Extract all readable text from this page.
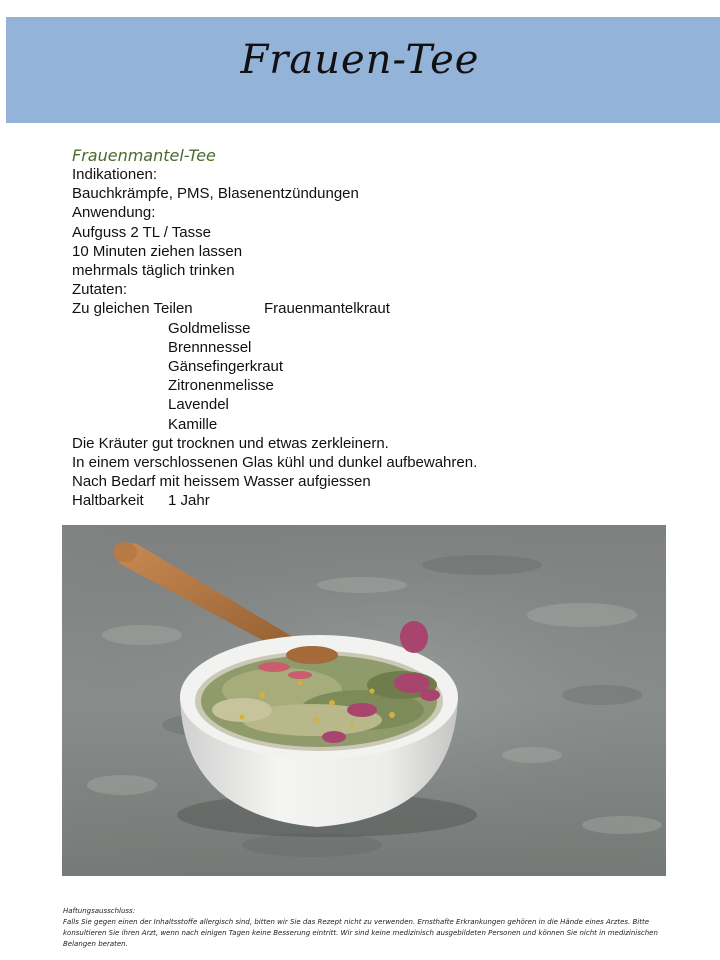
Frauen-Tee
Frauenmantel-Tee
Indikationen:
Bauchkrämpfe, PMS, Blasenentzündungen
Anwendung:
Aufguss 2 TL / Tasse
10 Minuten ziehen lassen
mehrmals täglich trinken
Zutaten:
Zu gleichen Teilen	Frauenmantelkraut
Goldmelisse
Brennnessel
Gänsefingerkraut
Zitronenmelisse
Lavendel
Kamille
Die Kräuter gut trocknen und etwas zerkleinern.
In einem verschlossenen Glas kühl und dunkel aufbewahren.
Nach Bedarf mit heissem Wasser aufgiessen
Haltbarkeit 1 Jahr
Haftungsausschluss:
Falls Sie gegen einen der Inhaltsstoffe allergisch sind, bitten wir Sie das Rezept nicht zu verwenden. Ernsthafte Erkrankungen gehören in die Hände eines Arztes. Bitte konsultieren Sie ihren Arzt, wenn nach einigen Tagen keine Besserung eintritt. Wir sind keine medizinisch ausgebildeten Personen und können Sie nicht in medizinischen Belangen beraten.
